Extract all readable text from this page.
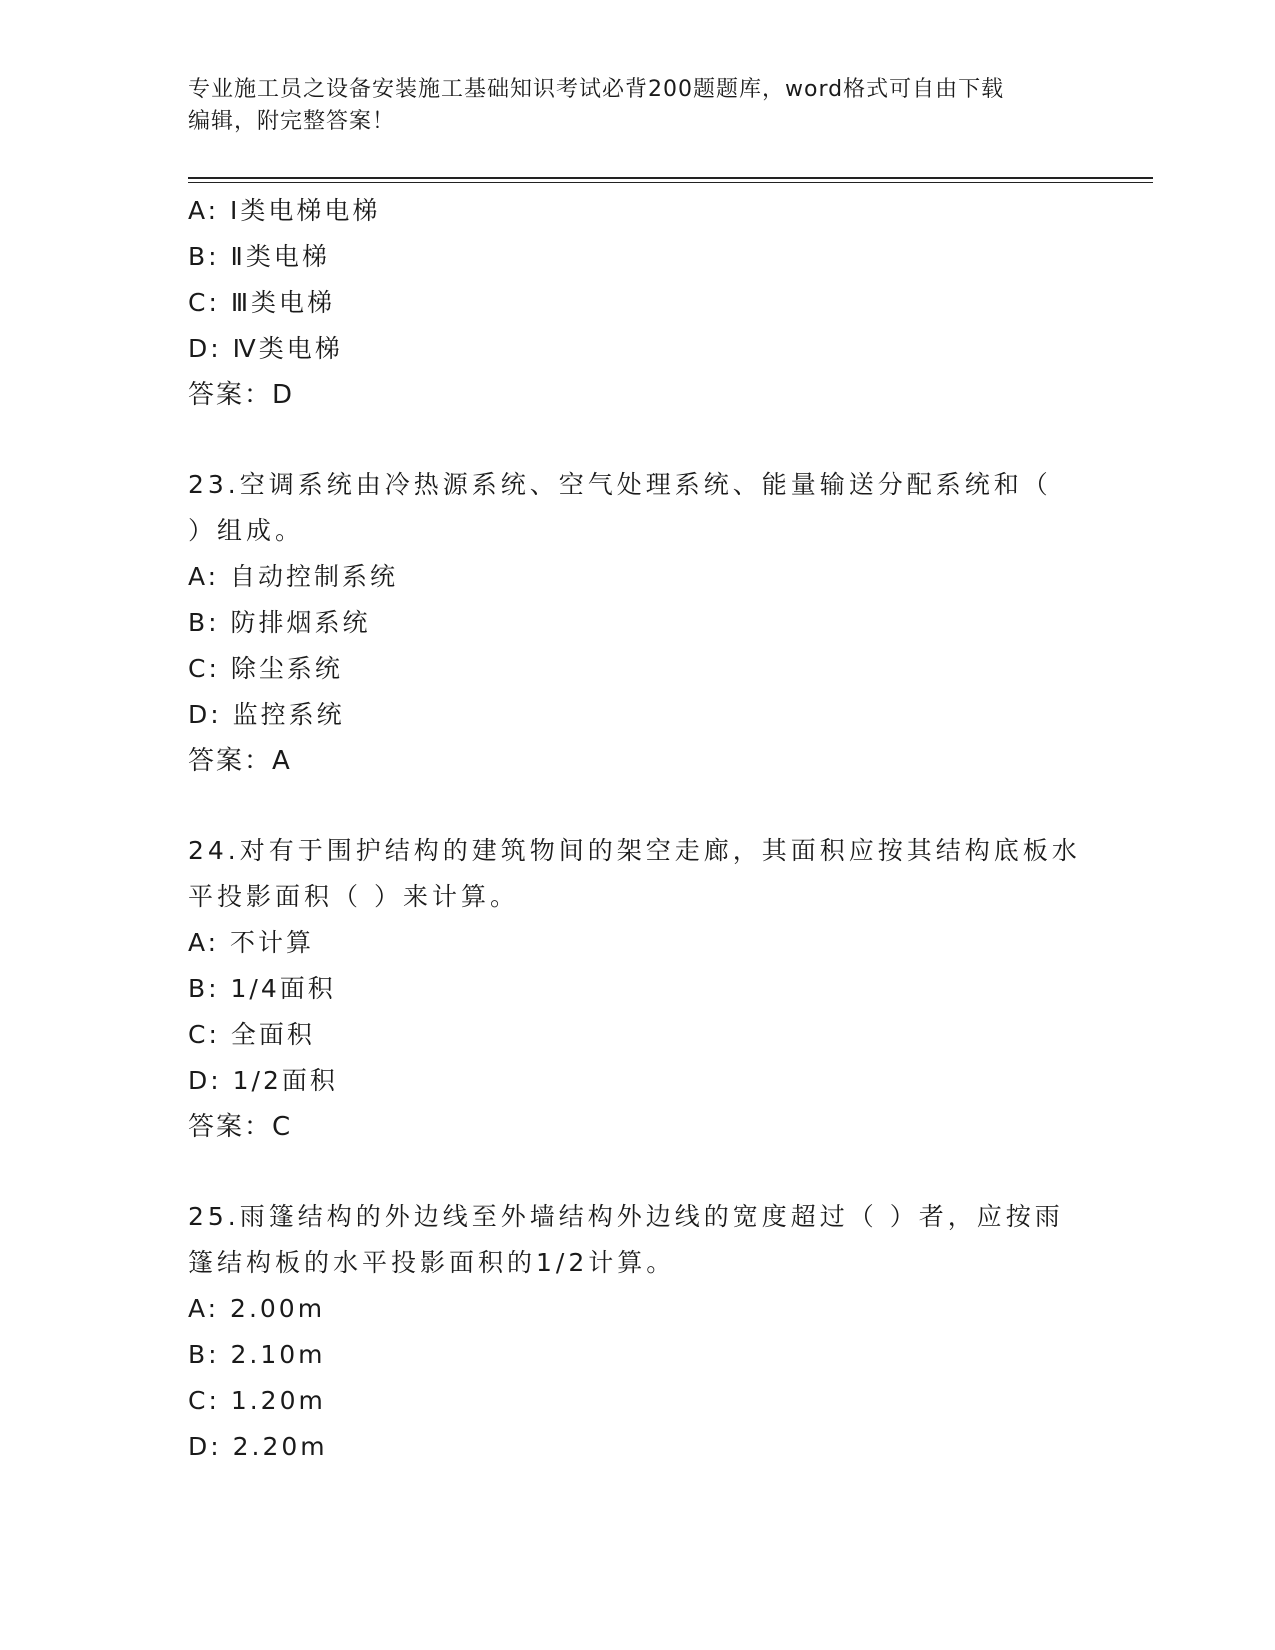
专业施工员之设备安装施工基础知识考试必背200题题库，word格式可自由下载
编辑，附完整答案！
A: Ⅰ类电梯电梯
B: Ⅱ类电梯
C: Ⅲ类电梯
D: Ⅳ类电梯
答案：D
23.空调系统由冷热源系统、空气处理系统、能量输送分配系统和（
）组成。
A: 自动控制系统
B: 防排烟系统
C: 除尘系统
D: 监控系统
答案：A
24.对有于围护结构的建筑物间的架空走廊，其面积应按其结构底板水
平投影面积（ ）来计算。
A: 不计算
B: 1/4面积
C: 全面积
D: 1/2面积
答案：C
25.雨篷结构的外边线至外墙结构外边线的宽度超过（ ）者，应按雨
篷结构板的水平投影面积的1/2计算。
A: 2.00m
B: 2.10m
C: 1.20m
D: 2.20m
